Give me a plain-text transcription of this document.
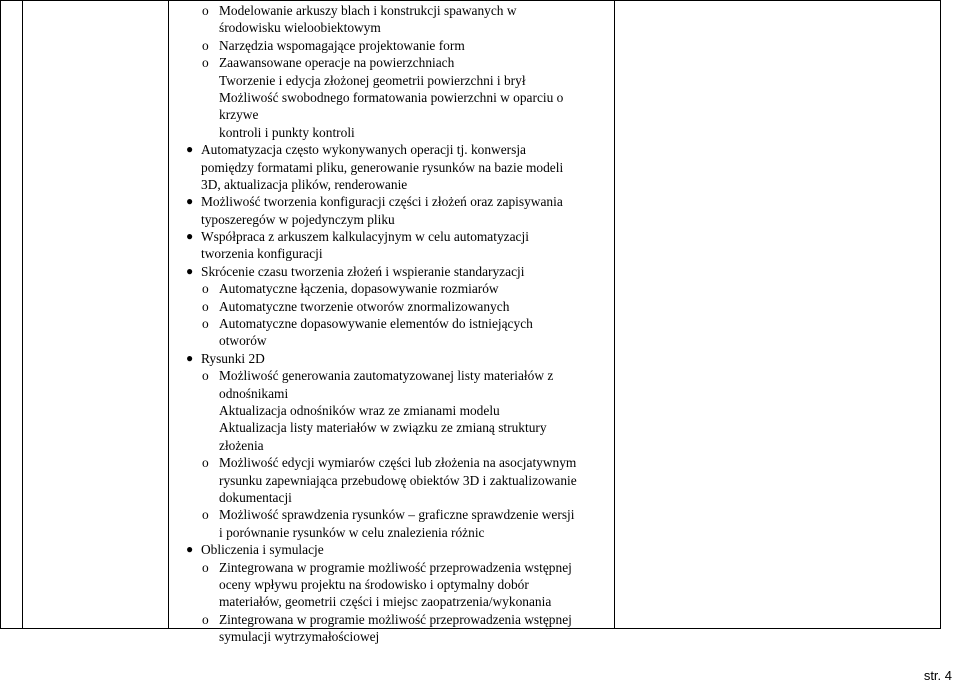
o Modelowanie arkuszy blach i konstrukcji spawanych w
środowisku wieloobiektowym
o Narzędzia wspomagające projektowanie form
o Zaawansowane operacje na powierzchniach
Tworzenie i edycja złożonej geometrii powierzchni i brył
Możliwość swobodnego formatowania powierzchni w oparciu o
krzywe
kontroli i punkty kontroli
● Automatyzacja często wykonywanych operacji tj. konwersja
pomiędzy formatami pliku, generowanie rysunków na bazie modeli
3D, aktualizacja plików, renderowanie
● Możliwość tworzenia konfiguracji części i złożeń oraz zapisywania
typoszeregów w pojedynczym pliku
● Współpraca z arkuszem kalkulacyjnym w celu automatyzacji
tworzenia konfiguracji
● Skrócenie czasu tworzenia złożeń i wspieranie standaryzacji
o Automatyczne łączenia, dopasowywanie rozmiarów
o Automatyczne tworzenie otworów znormalizowanych
o Automatyczne dopasowywanie elementów do istniejących
otworów
● Rysunki 2D
o Możliwość generowania zautomatyzowanej listy materiałów z
odnośnikami
Aktualizacja odnośników wraz ze zmianami modelu
Aktualizacja listy materiałów w związku ze zmianą struktury
złożenia
o Możliwość edycji wymiarów części lub złożenia na asocjatywnym
rysunku zapewniająca przebudowę obiektów 3D i zaktualizowanie
dokumentacji
o Możliwość sprawdzenia rysunków – graficzne sprawdzenie wersji
i porównanie rysunków w celu znalezienia różnic
● Obliczenia i symulacje
o Zintegrowana w programie możliwość przeprowadzenia wstępnej
oceny wpływu projektu na środowisko i optymalny dobór
materiałów, geometrii części i miejsc zaopatrzenia/wykonania
o Zintegrowana w programie możliwość przeprowadzenia wstępnej
symulacji wytrzymałościowej
str. 4
